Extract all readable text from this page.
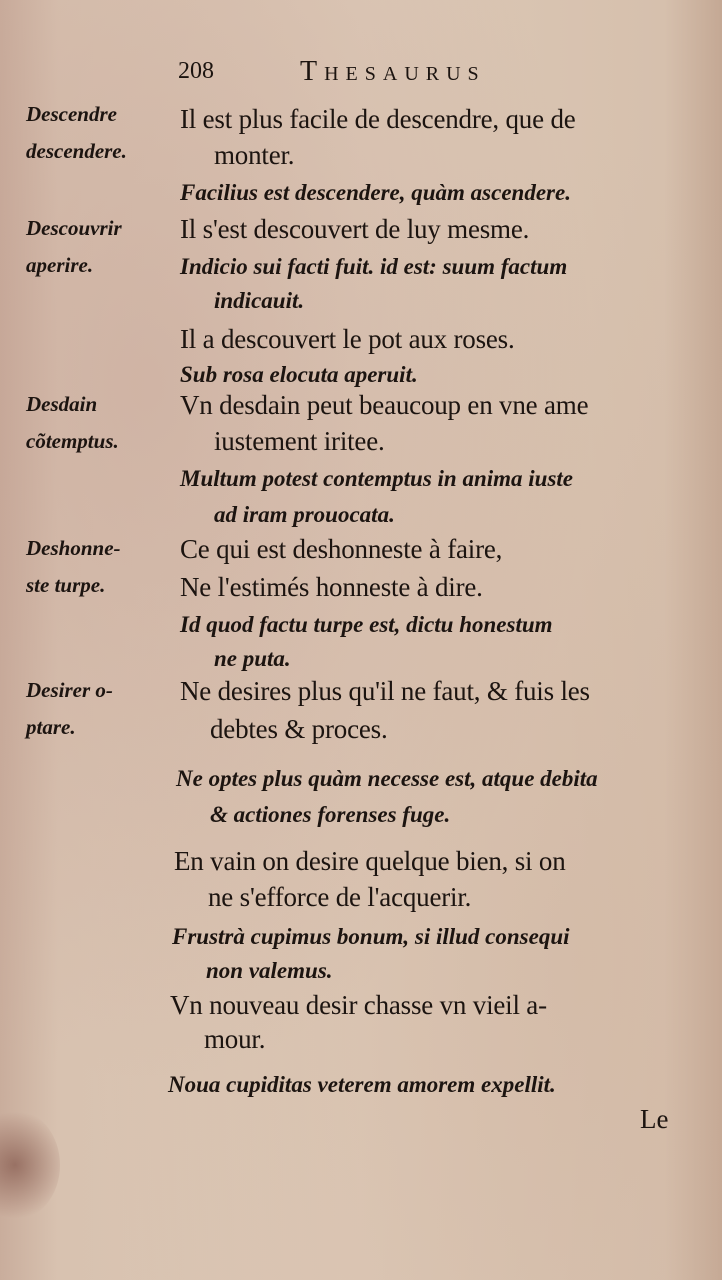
208	Thesaurus
Descendre
descendere.
Il est plus facile de descendre, que de
monter.
Facilius est descendere, quàm ascendere.
Descouvrir
aperire.
Il s'est descouvert de luy mesme.
Indicio sui facti fuit. id est: suum factum
indicauit.
Il a descouvert le pot aux roses.
Sub rosa elocuta aperuit.
Desdain
cõtemptus.
Vn desdain peut beaucoup en vne ame
iustement iritee.
Multum potest contemptus in anima iuste
ad iram prouocata.
Deshonne-
ste turpe.
Ce qui est deshonneste à faire,
Ne l'estimés honneste à dire.
Id quod factu turpe est, dictu honestum
ne puta.
Desirer o-
ptare.
Ne desires plus qu'il ne faut, & fuis les
debtes & proces.
Ne optes plus quàm necesse est, atque debita
& actiones forenses fuge.
En vain on desire quelque bien, si on
ne s'efforce de l'acquerir.
Frustrà cupimus bonum, si illud consequi
non valemus.
Vn nouveau desir chasse vn vieil a-
mour.
Noua cupiditas veterem amorem expellit.
Le
